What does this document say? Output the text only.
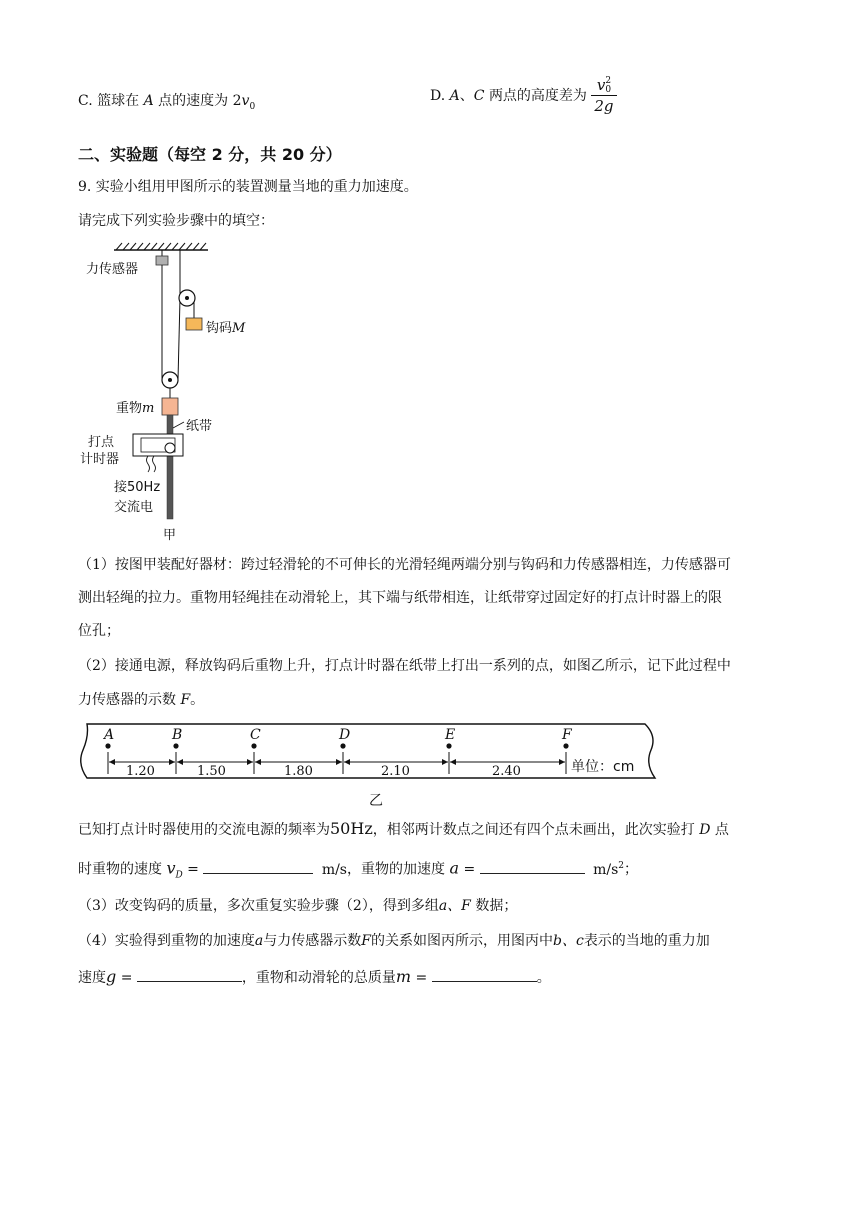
C. 篮球在 A 点的速度为 $2v_0$
D. A、C 两点的高度差为 v 2
0
2g
二、实验题（每空 2 分，共 20 分）
9. 实验小组用甲图所示的装置测量当地的重力加速度。
请完成下列实验步骤中的填空：
力传感器
钩码M
重物m
纸带
打点
计时器
接50Hz
交流电
甲
（1）按图甲装配好器材：跨过轻滑轮的不可伸长的光滑轻绳两端分别与钩码和力传感器相连，力传感器可
测出轻绳的拉力。重物用轻绳挂在动滑轮上，其下端与纸带相连，让纸带穿过固定好的打点计时器上的限
位孔；
（2）接通电源，释放钩码后重物上升，打点计时器在纸带上打出一系列的点，如图乙所示，记下此过程中
力传感器的示数 F。
A	B	C	D	E	F
1.20	1.50	1.80	2.10	2.40	单位：cm
乙
已知打点计时器使用的交流电源的频率为50Hz，相邻两计数点之间还有四个点未画出，此次实验打 D 点
时重物的速度 $v_D$ =	m/s，重物的加速度 a =	$m/s^2$；
（3）改变钩码的质量，多次重复实验步骤（2），得到多组a、F 数据；
（4）实验得到重物的加速度a与力传感器示数F的关系如图丙所示，用图丙中b、c表示的当地的重力加
速度g =	，重物和动滑轮的总质量m =	。
